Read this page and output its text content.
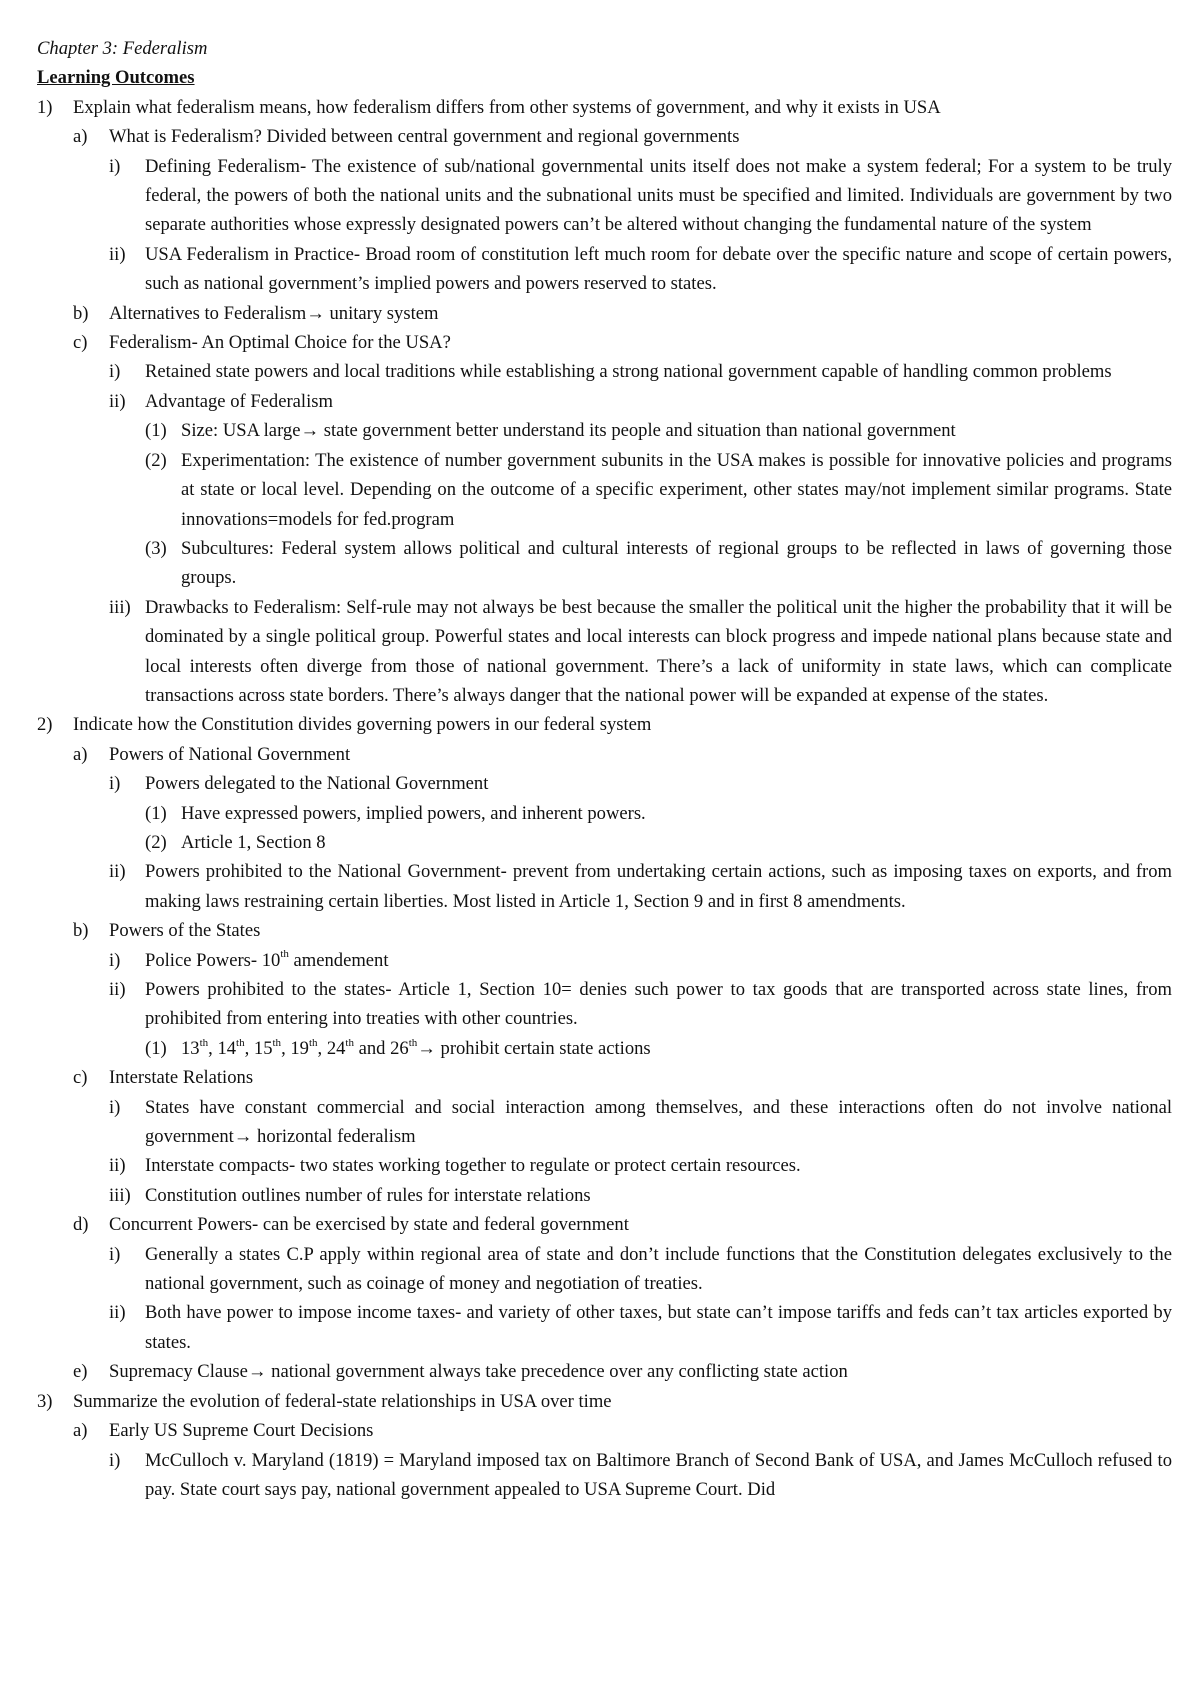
Chapter 3: Federalism
Learning Outcomes
1)	Explain what federalism means, how federalism differs from other systems of government, and why it exists in USA
a)	What is Federalism? Divided between central government and regional governments
i)	Defining Federalism- The existence of sub/national governmental units itself does not make a system federal; For a system to be truly federal, the powers of both the national units and the subnational units must be specified and limited. Individuals are government by two separate authorities whose expressly designated powers can’t be altered without changing the fundamental nature of the system
ii)	USA Federalism in Practice- Broad room of constitution left much room for debate over the specific nature and scope of certain powers, such as national government’s implied powers and powers reserved to states.
b)	Alternatives to Federalism→ unitary system
c)	Federalism- An Optimal Choice for the USA?
i)	Retained state powers and local traditions while establishing a strong national government capable of handling common problems
ii)	Advantage of Federalism
(1) Size: USA large→ state government better understand its people and situation than national government
(2) Experimentation: The existence of number government subunits in the USA makes is possible for innovative policies and programs at state or local level. Depending on the outcome of a specific experiment, other states may/not implement similar programs. State innovations=models for fed.program
(3) Subcultures: Federal system allows political and cultural interests of regional groups to be reflected in laws of governing those groups.
iii) Drawbacks to Federalism: Self-rule may not always be best because the smaller the political unit the higher the probability that it will be dominated by a single political group. Powerful states and local interests can block progress and impede national plans because state and local interests often diverge from those of national government. There’s a lack of uniformity in state laws, which can complicate transactions across state borders. There’s always danger that the national power will be expanded at expense of the states.
2)	Indicate how the Constitution divides governing powers in our federal system
a)	Powers of National Government
i)	Powers delegated to the National Government
(1) Have expressed powers, implied powers, and inherent powers.
(2) Article 1, Section 8
ii)	Powers prohibited to the National Government- prevent from undertaking certain actions, such as imposing taxes on exports, and from making laws restraining certain liberties. Most listed in Article 1, Section 9 and in first 8 amendments.
b)	Powers of the States
i)	Police Powers- 10th amendement
ii)	Powers prohibited to the states- Article 1, Section 10= denies such power to tax goods that are transported across state lines, from prohibited from entering into treaties with other countries.
(1) 13th, 14th, 15th, 19th, 24th and 26th→ prohibit certain state actions
c)	Interstate Relations
i)	States have constant commercial and social interaction among themselves, and these interactions often do not involve national government→ horizontal federalism
ii)	Interstate compacts- two states working together to regulate or protect certain resources.
iii) Constitution outlines number of rules for interstate relations
d)	Concurrent Powers- can be exercised by state and federal government
i)	Generally a states C.P apply within regional area of state and don’t include functions that the Constitution delegates exclusively to the national government, such as coinage of money and negotiation of treaties.
ii)	Both have power to impose income taxes- and variety of other taxes, but state can’t impose tariffs and feds can’t tax articles exported by states.
e)	Supremacy Clause→ national government always take precedence over any conflicting state action
3)	Summarize the evolution of federal-state relationships in USA over time
a)	Early US Supreme Court Decisions
i)	McCulloch v. Maryland (1819) = Maryland imposed tax on Baltimore Branch of Second Bank of USA, and James McCulloch refused to pay. State court says pay, national government appealed to USA Supreme Court. Did
